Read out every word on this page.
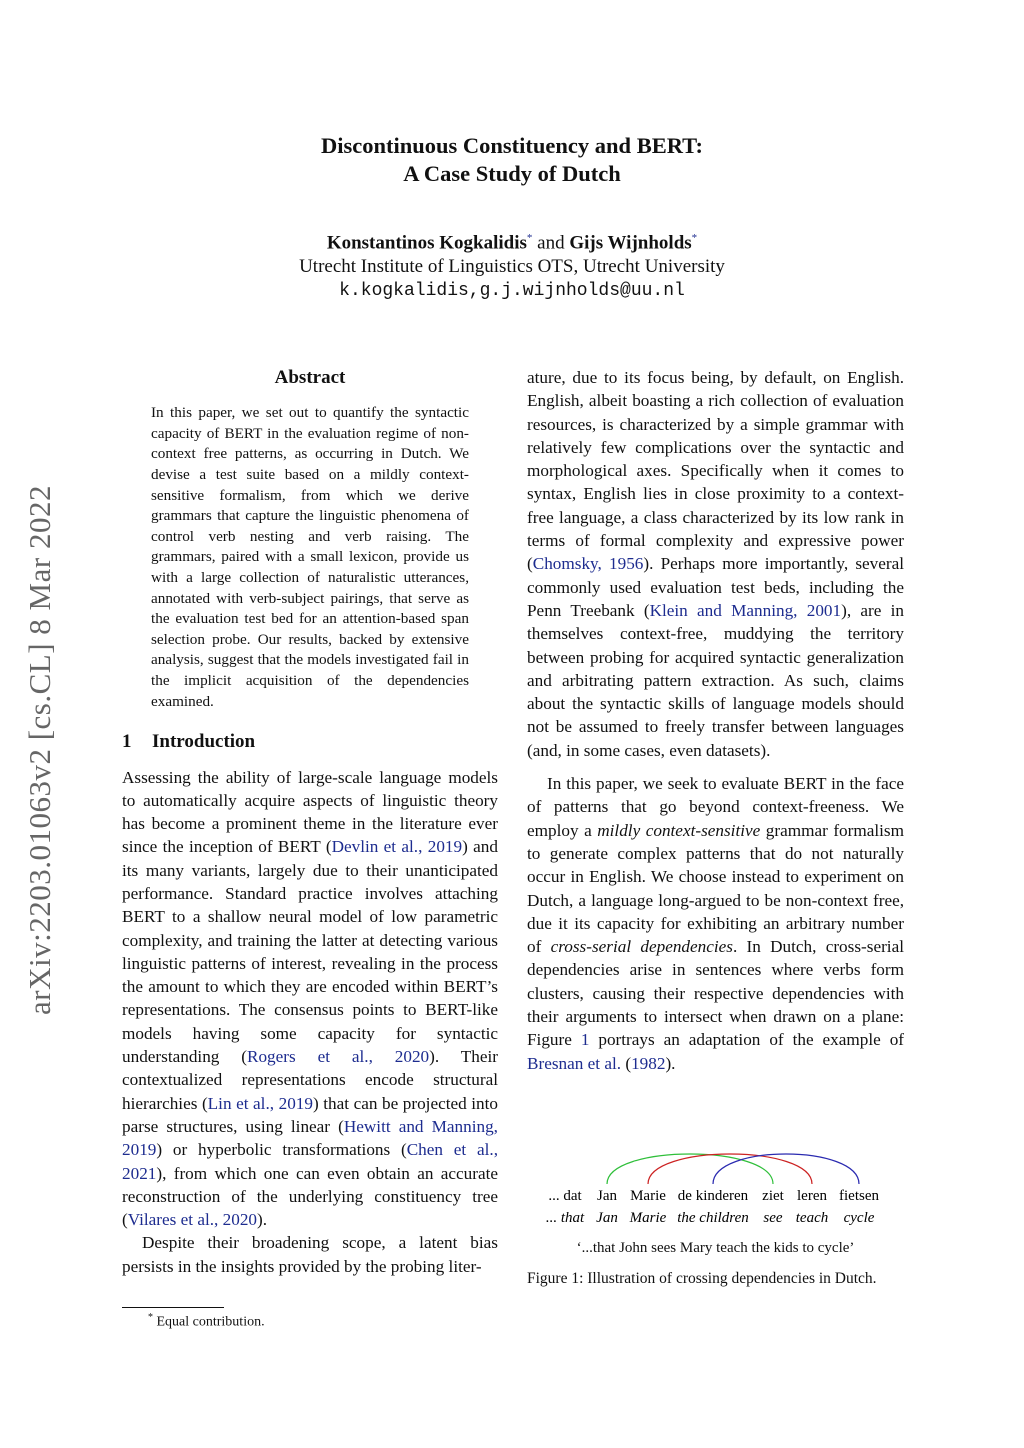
arXiv:2203.01063v2 [cs.CL] 8 Mar 2022
Discontinuous Constituency and BERT:
A Case Study of Dutch
Konstantinos Kogkalidis* and Gijs Wijnholds*
Utrecht Institute of Linguistics OTS, Utrecht University
k.kogkalidis,g.j.wijnholds@uu.nl
Abstract

In this paper, we set out to quantify the syntactic capacity of BERT in the evaluation regime of non-context free patterns, as occurring in Dutch. We devise a test suite based on a mildly context-sensitive formalism, from which we derive grammars that capture the linguistic phenomena of control verb nesting and verb raising. The grammars, paired with a small lexicon, provide us with a large collection of naturalistic utterances, annotated with verb-subject pairings, that serve as the evaluation test bed for an attention-based span selection probe. Our results, backed by extensive analysis, suggest that the models investigated fail in the implicit acquisition of the dependencies examined.

1 Introduction

Assessing the ability of large-scale language models to automatically acquire aspects of linguistic theory has become a prominent theme in the literature ever since the inception of BERT (Devlin et al., 2019) and its many variants, largely due to their unanticipated performance. Standard practice involves attaching BERT to a shallow neural model of low parametric complexity, and training the latter at detecting various linguistic patterns of interest, revealing in the process the amount to which they are encoded within BERT’s representations. The consensus points to BERT-like models having some capacity for syntactic understanding (Rogers et al., 2020). Their contextualized representations encode structural hierarchies (Lin et al., 2019) that can be projected into parse structures, using linear (Hewitt and Manning, 2019) or hyperbolic transformations (Chen et al., 2021), from which one can even obtain an accurate reconstruction of the underlying constituency tree (Vilares et al., 2020).

Despite their broadening scope, a latent bias persists in the insights provided by the probing liter-

ature, due to its focus being, by default, on English. English, albeit boasting a rich collection of evaluation resources, is characterized by a simple grammar with relatively few complications over the syntactic and morphological axes. Specifically when it comes to syntax, English lies in close proximity to a context-free language, a class characterized by its low rank in terms of formal complexity and expressive power (Chomsky, 1956). Perhaps more importantly, several commonly used evaluation test beds, including the Penn Treebank (Klein and Manning, 2001), are in themselves context-free, muddying the territory between probing for acquired syntactic generalization and arbitrating pattern extraction. As such, claims about the syntactic skills of language models should not be assumed to freely transfer between languages (and, in some cases, even datasets).

In this paper, we seek to evaluate BERT in the face of patterns that go beyond context-freeness. We employ a mildly context-sensitive grammar formalism to generate complex patterns that do not naturally occur in English. We choose instead to experiment on Dutch, a language long-argued to be non-context free, due it its capacity for exhibiting an arbitrary number of cross-serial dependencies. In Dutch, cross-serial dependencies arise in sentences where verbs form clusters, causing their respective dependencies with their arguments to intersect when drawn on a plane: Figure 1 portrays an adaptation of the example of Bresnan et al. (1982).

... dat Jan Marie de kinderen ziet leren fietsen
... that Jan Marie the children see teach cycle
‘...that John sees Mary teach the kids to cycle’
Figure 1: Illustration of crossing dependencies in Dutch.
* Equal contribution.
